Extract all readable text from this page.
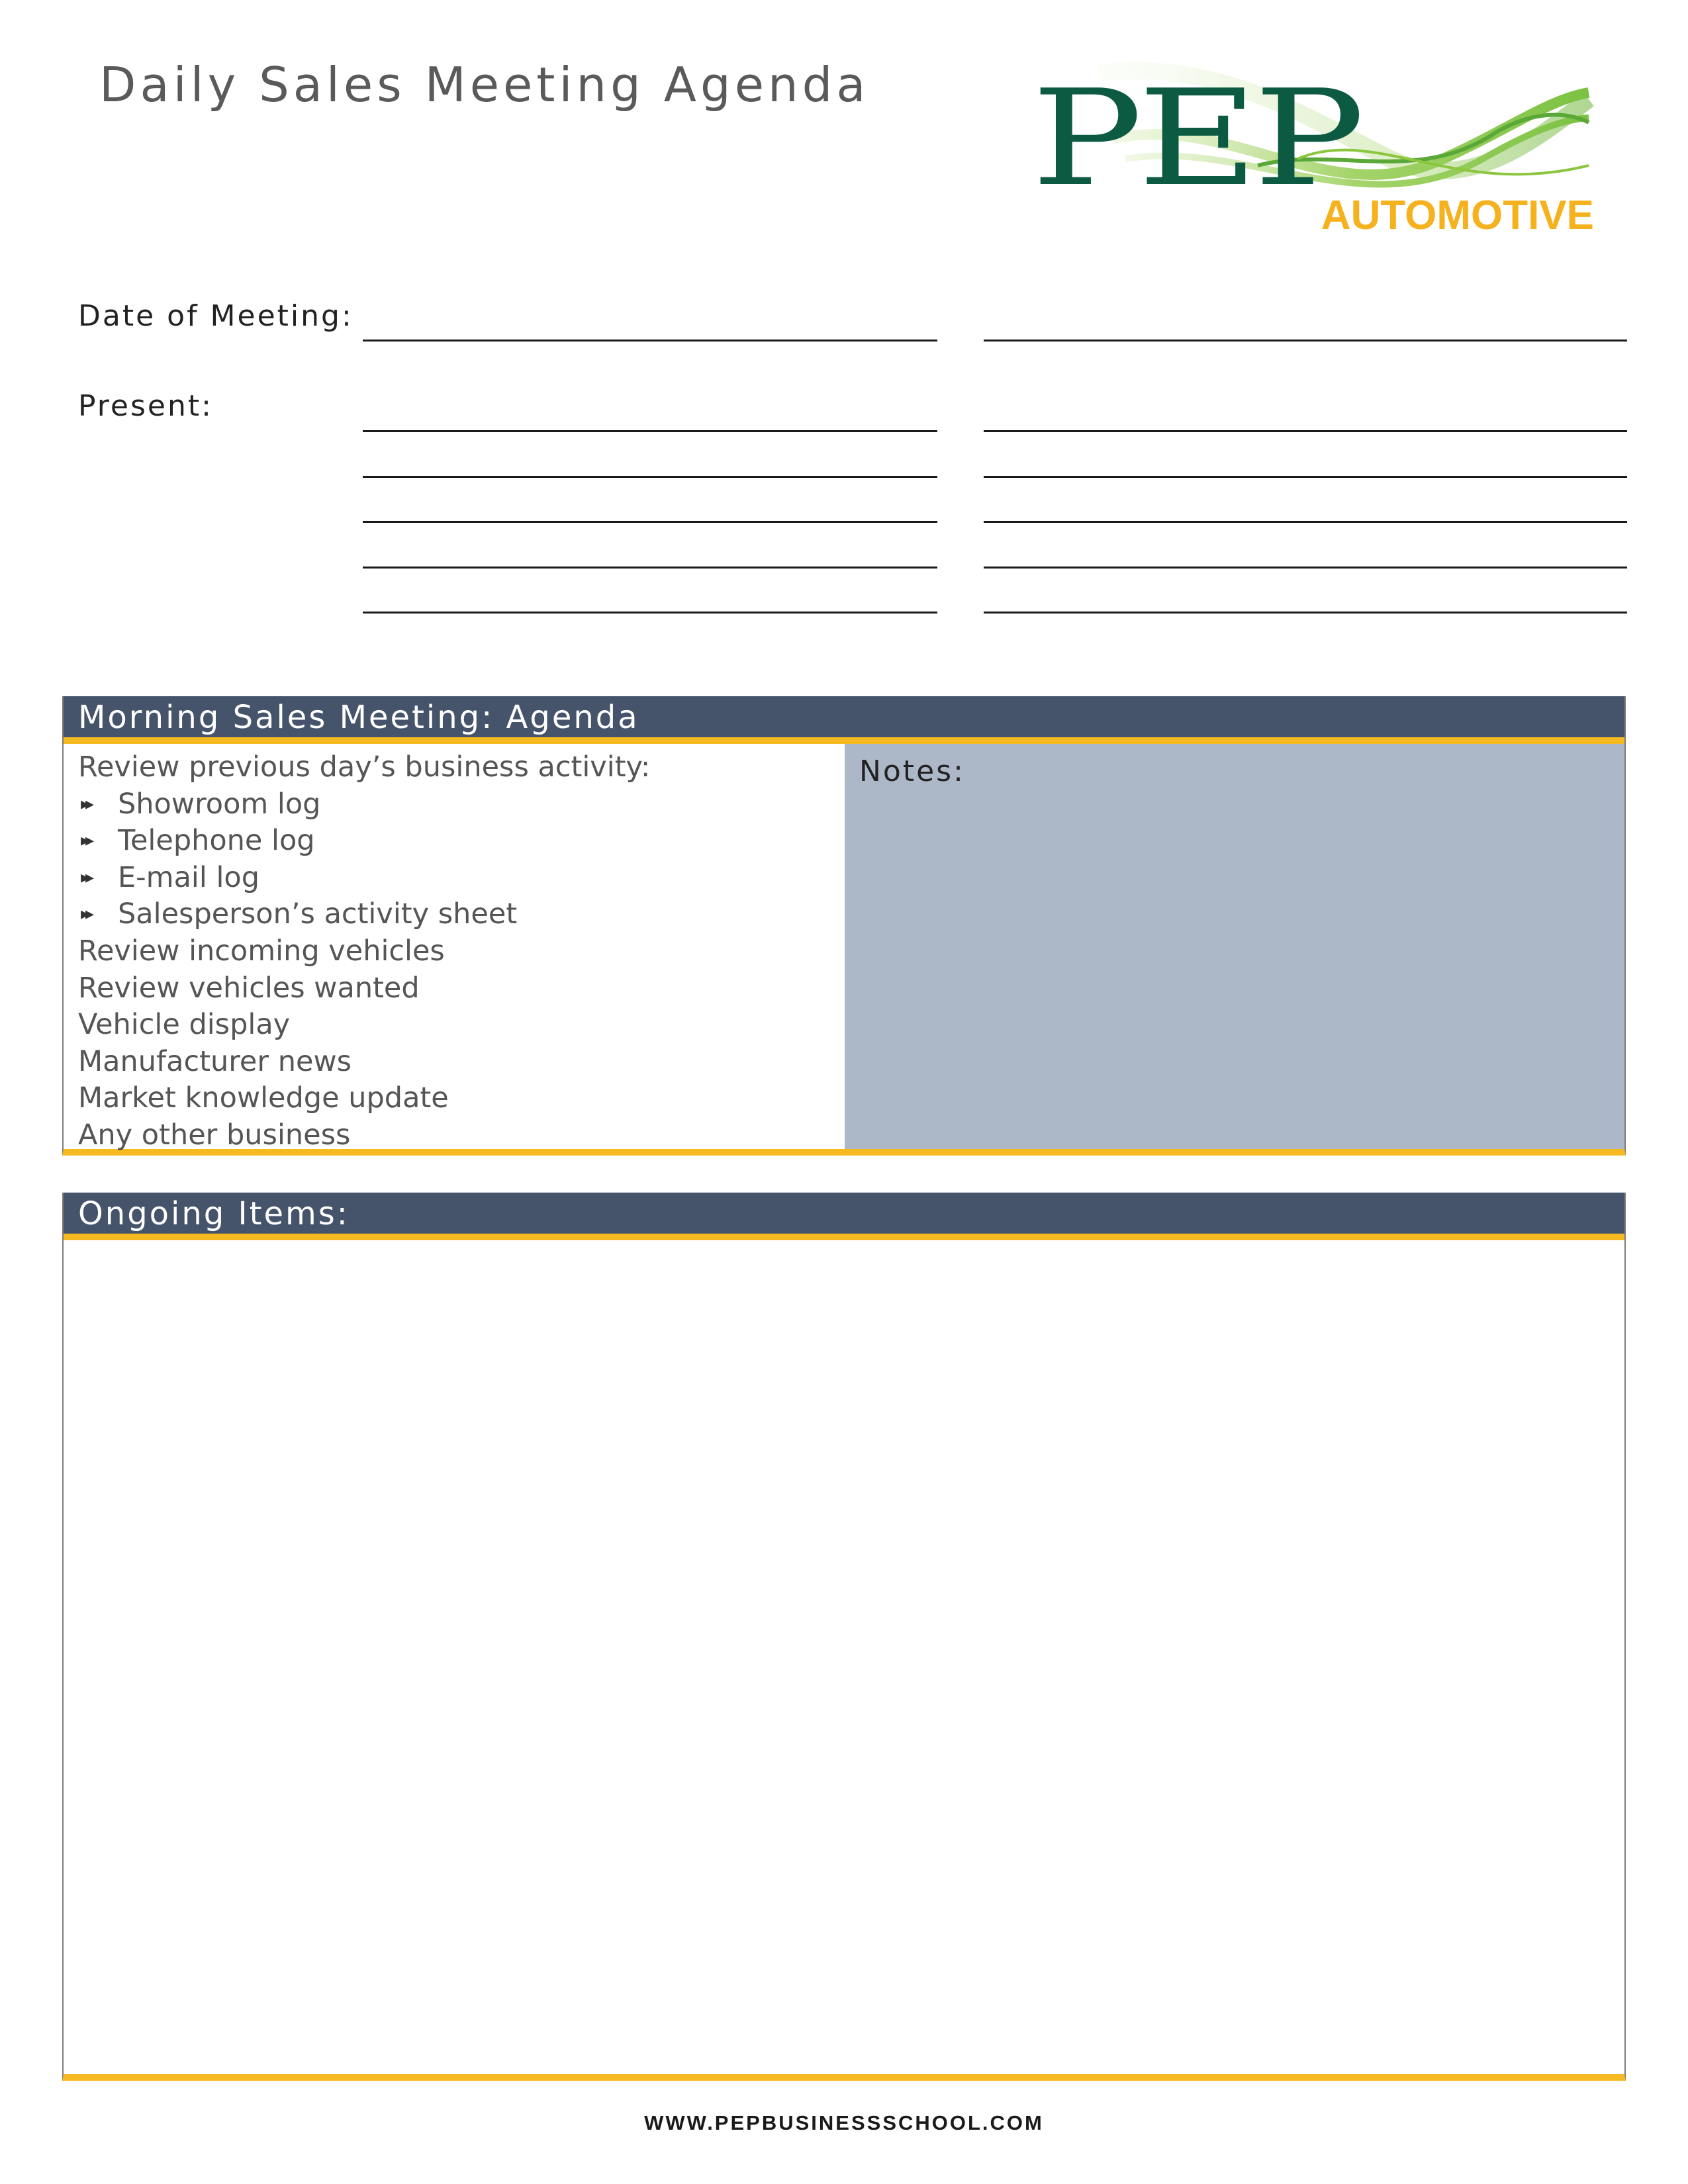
Daily Sales Meeting Agenda PEP
AUTOMOTIVE
Date of Meeting:
Present:
Morning Sales Meeting: Agenda
Review previous day’s business activity:
▸▸ Showroom log
▸▸ Telephone log
▸▸ E-mail log
▸▸ Salesperson’s activity sheet
Review incoming vehicles
Review vehicles wanted
Vehicle display
Manufacturer news
Market knowledge update
Any other business
Notes:
Ongoing Items:
WWW.PEPBUSINESSSCHOOL.COM
